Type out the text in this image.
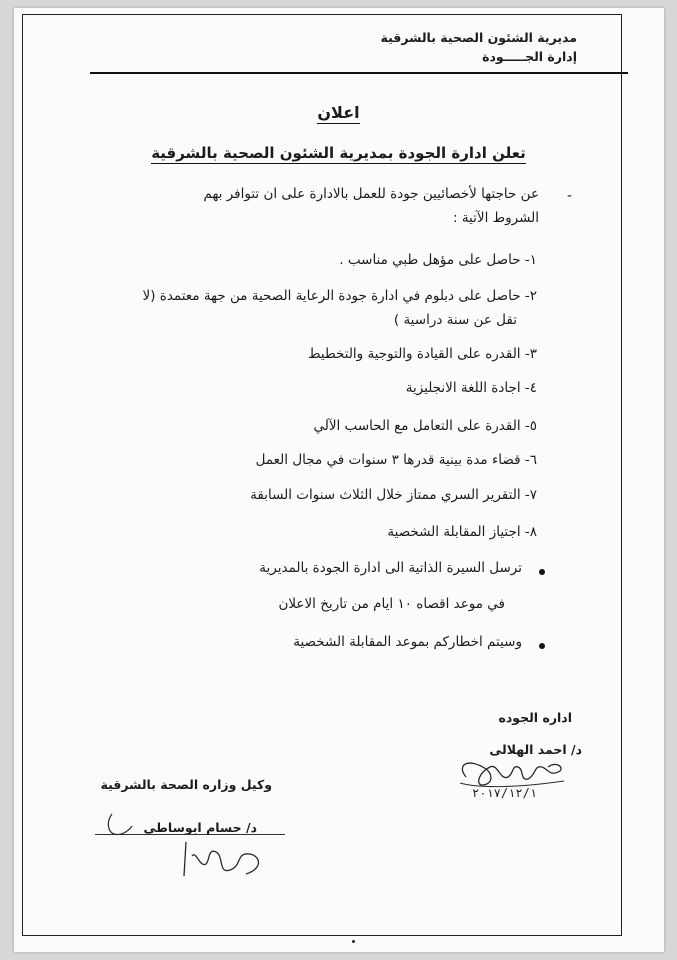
مديرية الشئون الصحية بالشرقية
إدارة الجـــــودة
اعلان
تعلن ادارة الجودة بمديرية الشئون الصحية بالشرقية
-
عن حاجتها لأخصائيين جودة للعمل بالادارة على ان تتوافر بهم
الشروط الآتية :
١- حاصل على مؤهل طبي مناسب .
٢- حاصل على دبلوم في ادارة جودة الرعاية الصحية من جهة معتمدة (لا
تقل عن سنة دراسية )
٣- القدره على القيادة والتوجية والتخطيط
٤- اجادة اللغة الانجليزية
٥- القدرة على التعامل مع الحاسب الآلي
٦- قضاء مدة بينية قدرها ٣ سنوات في مجال العمل
٧- التقرير السري ممتاز خلال الثلاث سنوات السابقة
٨- اجتياز المقابلة الشخصية
ترسل السيرة الذاتية الى ادارة الجودة بالمديرية
في موعد اقصاه ١٠ ايام من تاريخ الاعلان
وسيتم اخطاركم بموعد المقابلة الشخصية
اداره الجوده
د/ احمد الهلالى
٢٠١٧/١٢/١
وكيل وزاره الصحة بالشرقية
د/ حسام ابوساطي
